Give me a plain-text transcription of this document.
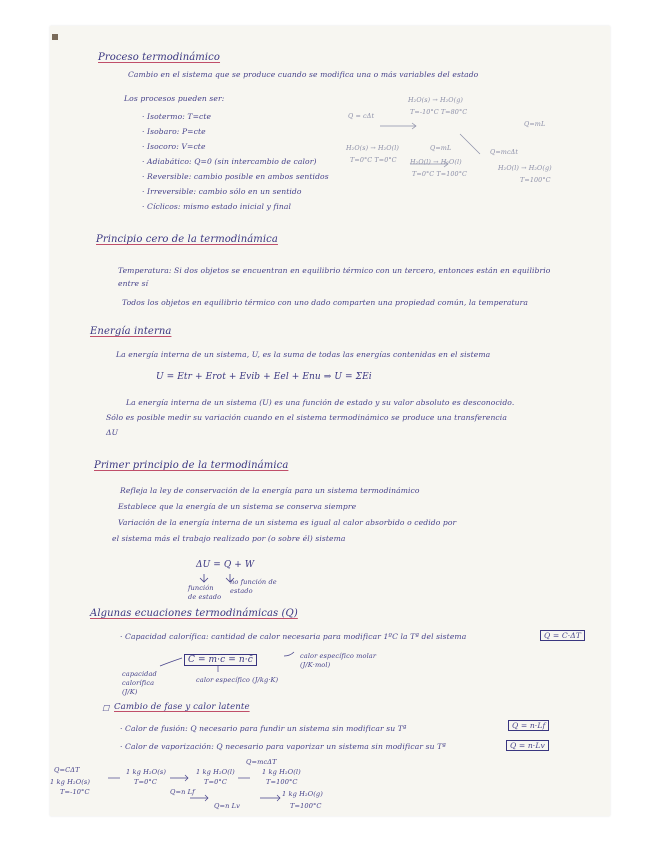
Proceso termodinámico
Cambio en el sistema que se produce cuando se modifica una o más variables del estado
Los procesos pueden ser:
· Isotermo: T=cte
· Isobaro: P=cte
· Isocoro: V=cte
· Adiabático: Q=0 (sin intercambio de calor)
· Reversible: cambio posible en ambos sentidos
· Irreversible: cambio sólo en un sentido
· Cíclicos: mismo estado inicial y final
H₂O(s) → H₂O(g)
T=-10°C T=80°C
Q = cΔt
H₂O(s) → H₂O(l)
T=0°C T=0°C
Q=mL
H₂O(l) → H₂O(l)
T=0°C T=100°C
Q=mcΔt
H₂O(l) → H₂O(g)
T=100°C
Q=mL
Principio cero de la termodinámica
Temperatura: Si dos objetos se encuentran en equilibrio térmico con un tercero, entonces están en equilibrio entre sí
Todos los objetos en equilibrio térmico con uno dado comparten una propiedad común, la temperatura
Energía interna
La energía interna de un sistema, U, es la suma de todas las energías contenidas en el sistema
U = Etr + Erot + Evib + Eel + Enu ⇒ U = ΣEi
La energía interna de un sistema (U) es una función de estado y su valor absoluto es desconocido.
Sólo es posible medir su variación cuando en el sistema termodinámico se produce una transferencia
ΔU
Primer principio de la termodinámica
Refleja la ley de conservación de la energía para un sistema termodinámico
Establece que la energía de un sistema se conserva siempre
Variación de la energía interna de un sistema es igual al calor absorbido o cedido por
el sistema más el trabajo realizado por (o sobre él) sistema
ΔU = Q + W
función de estado
no función de estado
Algunas ecuaciones termodinámicas (Q)
· Capacidad calorífica: cantidad de calor necesaria para modificar 1ºC la Tª del sistema	Q = C·ΔT
C = m·c = n·c̄
capacidad calorífica (J/K)
calor específico (J/kg·K)
calor específico molar (J/K·mol)
☐ Cambio de fase y calor latente
· Calor de fusión: Q necesario para fundir un sistema sin modificar su Tª	Q = n·Lf
· Calor de vaporización: Q necesario para vaporizar un sistema sin modificar su Tª	Q = n·Lv
Q=CΔT
1 kg H₂O(s)
T=-10°C
1 kg H₂O(s)
T=0°C
Q=n Lf
1 kg H₂O(l)
T=0°C
Q=mcΔT
1 kg H₂O(l)
T=100°C
Q=n Lv
1 kg H₂O(g)
T=100°C
